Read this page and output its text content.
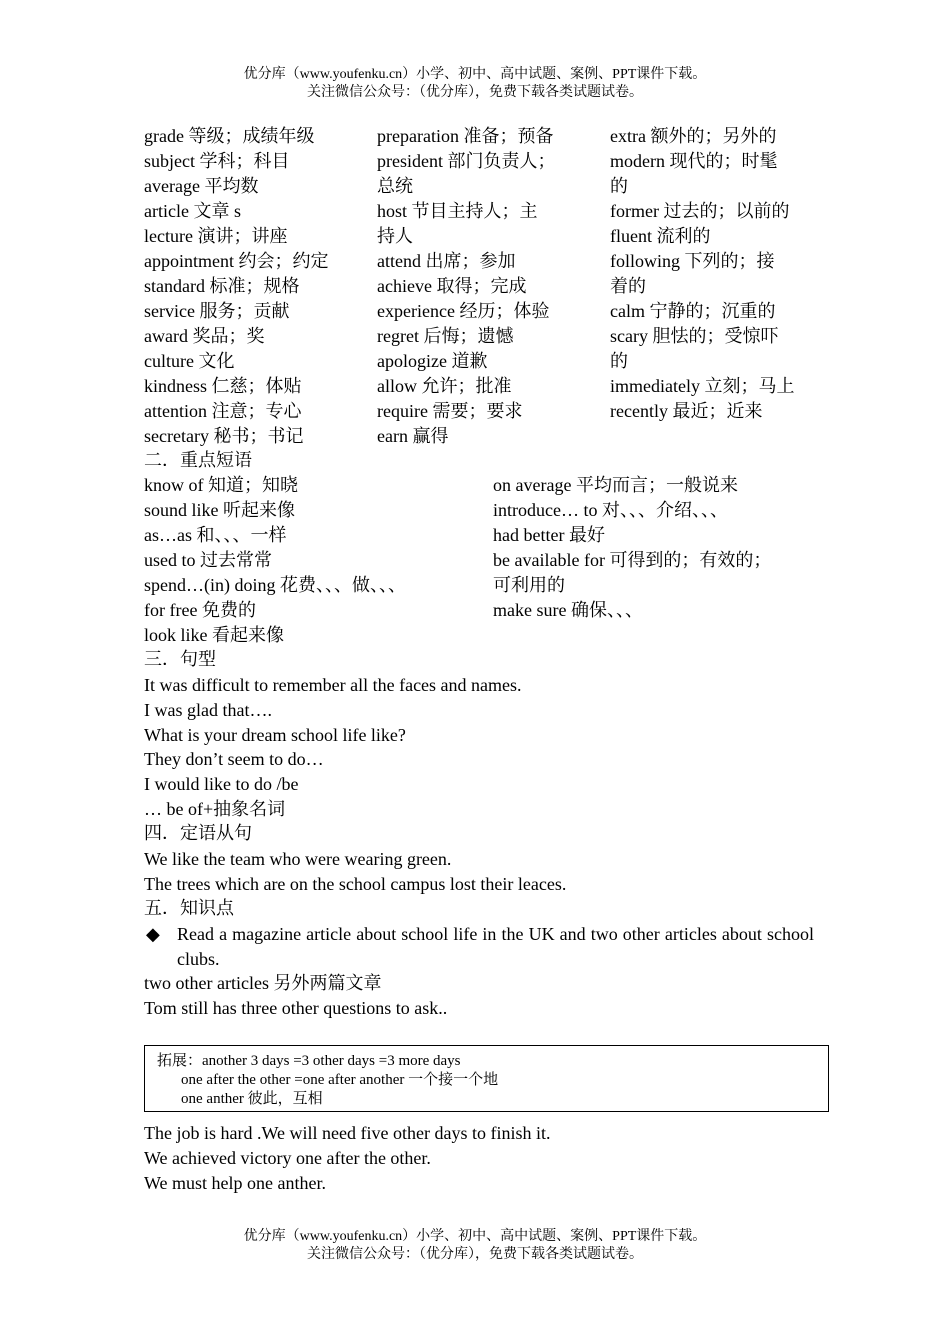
优分库（www.youfenku.cn）小学、初中、高中试题、案例、PPT课件下载。
关注微信公众号：（优分库），免费下载各类试题试卷。
grade 等级；成绩年级
subject 学科；科目
average 平均数
article 文章 s
lecture 演讲；讲座
appointment 约会；约定
standard 标准；规格
service 服务；贡献
award 奖品；奖
culture 文化
kindness 仁慈；体贴
attention 注意；专心
secretary 秘书；书记
preparation 准备；预备
president 部门负责人；
总统
host 节目主持人；主
持人
attend 出席；参加
achieve 取得；完成
experience 经历；体验
regret 后悔；遗憾
apologize 道歉
allow 允许；批准
require 需要；要求
earn 赢得
extra 额外的；另外的
modern 现代的；时髦
的
former 过去的；以前的
fluent 流利的
following 下列的；接
着的
calm 宁静的；沉重的
scary 胆怯的；受惊吓
的
immediately 立刻；马上
recently 最近；近来
二．重点短语
know of 知道；知晓
sound like 听起来像
as…as 和、、、一样
used to 过去常常
spend…(in) doing 花费、、、做、、、
for free 免费的
look like 看起来像
on average 平均而言；一般说来
introduce… to 对、、、介绍、、、
had better 最好
be available for 可得到的；有效的；
可利用的
make sure 确保、、、
三．句型
It was difficult to remember all the faces and names.
I was glad that….
What is your dream school life like?
They don’t seem to do…
I would like to do /be
… be of+抽象名词
四．定语从句
We like the team who were wearing green.
The trees which are on the school campus lost their leaces.
五．知识点
◆ Read a magazine article about school life in the UK and two other articles about school clubs.
two other articles 另外两篇文章
Tom still has three other questions to ask..
拓展：another 3 days =3 other days =3 more days
one after the other =one after another 一个接一个地
one anther 彼此，互相
The job is hard .We will need five other days to finish it.
We achieved victory one after the other.
We must help one anther.
优分库（www.youfenku.cn）小学、初中、高中试题、案例、PPT课件下载。
关注微信公众号：（优分库），免费下载各类试题试卷。
